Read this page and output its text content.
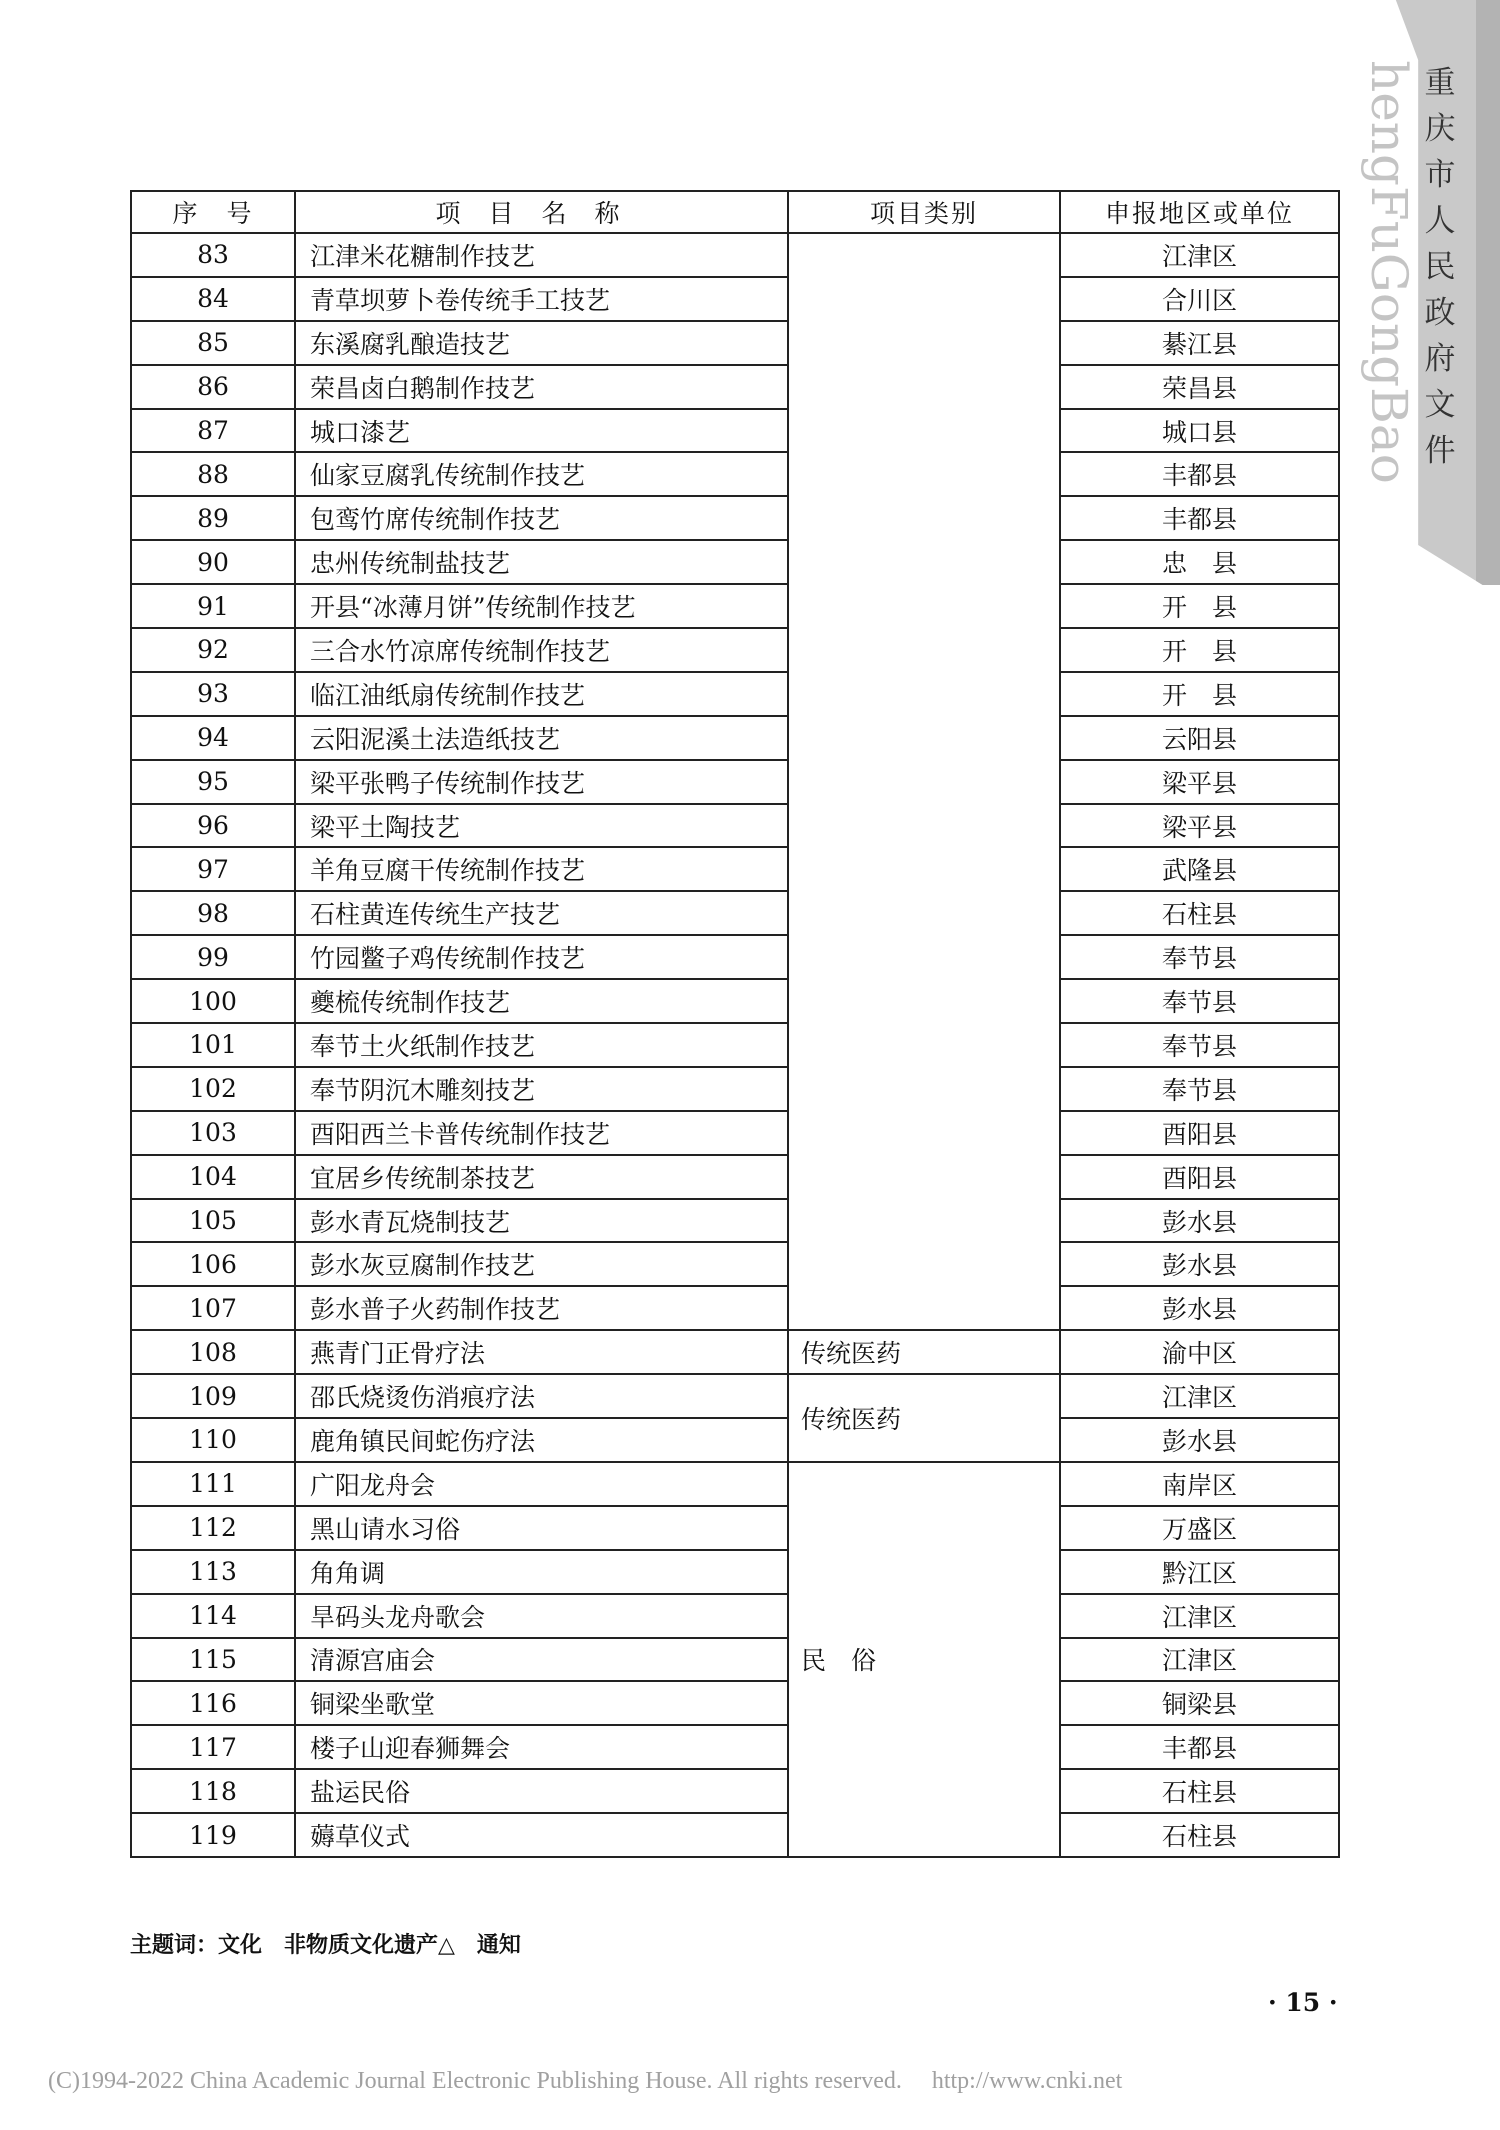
重庆市人民政府文件
hengFuGongBao
序　号	项目名称	项目类别	申报地区或单位
83	江津米花糖制作技艺		江津区
84	青草坝萝卜卷传统手工技艺		合川区
85	东溪腐乳酿造技艺		綦江县
86	荣昌卤白鹅制作技艺		荣昌县
87	城口漆艺		城口县
88	仙家豆腐乳传统制作技艺		丰都县
89	包鸾竹席传统制作技艺		丰都县
90	忠州传统制盐技艺		忠　县
91	开县“冰薄月饼”传统制作技艺		开　县
92	三合水竹凉席传统制作技艺		开　县
93	临江油纸扇传统制作技艺		开　县
94	云阳泥溪土法造纸技艺		云阳县
95	梁平张鸭子传统制作技艺		梁平县
96	梁平土陶技艺		梁平县
97	羊角豆腐干传统制作技艺		武隆县
98	石柱黄连传统生产技艺		石柱县
99	竹园鳖子鸡传统制作技艺		奉节县
100	夔梳传统制作技艺		奉节县
101	奉节土火纸制作技艺		奉节县
102	奉节阴沉木雕刻技艺		奉节县
103	酉阳西兰卡普传统制作技艺		酉阳县
104	宜居乡传统制茶技艺		酉阳县
105	彭水青瓦烧制技艺		彭水县
106	彭水灰豆腐制作技艺		彭水县
107	彭水普子火药制作技艺		彭水县
108	燕青门正骨疗法	传统医药	渝中区
109	邵氏烧烫伤消痕疗法	传统医药	江津区
110	鹿角镇民间蛇伤疗法		彭水县
111	广阳龙舟会	民　俗	南岸区
112	黑山请水习俗		万盛区
113	角角调		黔江区
114	旱码头龙舟歌会		江津区
115	清源宫庙会		江津区
116	铜梁坐歌堂		铜梁县
117	楼子山迎春狮舞会		丰都县
118	盐运民俗		石柱县
119	薅草仪式		石柱县
主题词：文化　非物质文化遗产△　通知
· 15 ·
(C)1994-2022 China Academic Journal Electronic Publishing House. All rights reserved.　 http://www.cnki.net
